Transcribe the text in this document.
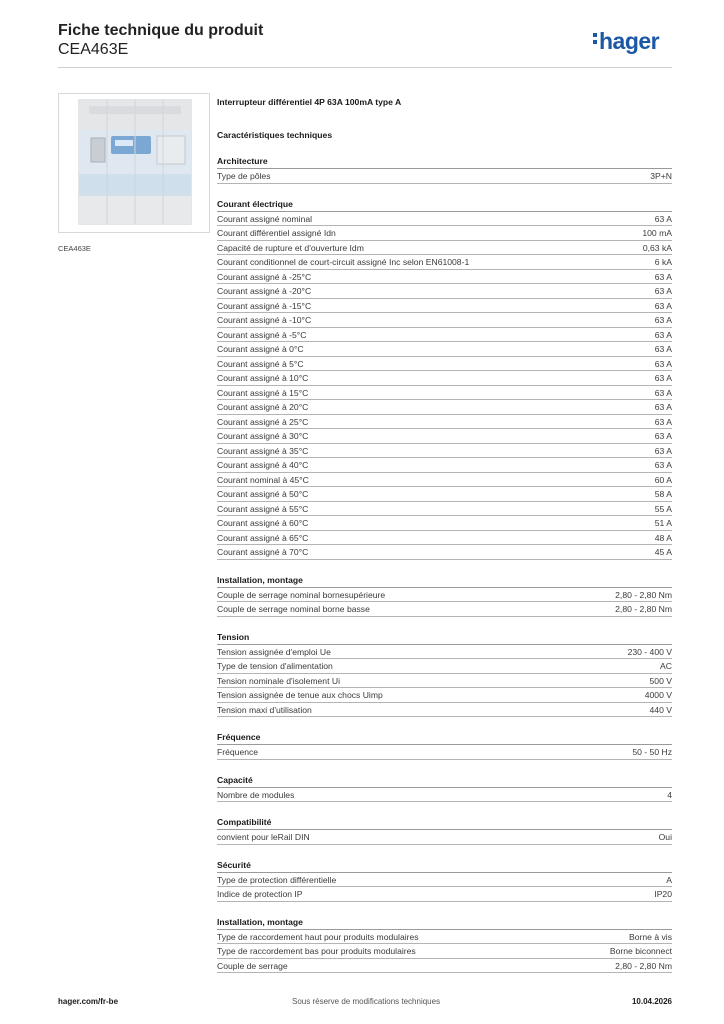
Fiche technique du produit
CEA463E	hager
CEA463E
Interrupteur différentiel 4P 63A 100mA type A
Caractéristiques techniques
Architecture
Type de pôles	3P+N
Courant électrique
Courant assigné nominal	63 A
Courant différentiel assigné Idn	100 mA
Capacité de rupture et d'ouverture Idm	0,63 kA
Courant conditionnel de court-circuit assigné Inc selon EN61008-1	6 kA
Courant assigné à -25°C	63 A
Courant assigné à -20°C	63 A
Courant assigné à -15°C	63 A
Courant assigné à -10°C	63 A
Courant assigné à -5°C	63 A
Courant assigné à 0°C	63 A
Courant assigné à 5°C	63 A
Courant assigné à 10°C	63 A
Courant assigné à 15°C	63 A
Courant assigné à 20°C	63 A
Courant assigné à 25°C	63 A
Courant assigné à 30°C	63 A
Courant assigné à 35°C	63 A
Courant assigné à 40°C	63 A
Courant nominal à 45°C	60 A
Courant assigné à 50°C	58 A
Courant assigné à 55°C	55 A
Courant assigné à 60°C	51 A
Courant assigné à 65°C	48 A
Courant assigné à 70°C	45 A
Installation, montage
Couple de serrage nominal bornesupérieure	2,80 - 2,80 Nm
Couple de serrage nominal borne basse	2,80 - 2,80 Nm
Tension
Tension assignée d'emploi Ue	230 - 400 V
Type de tension d'alimentation	AC
Tension nominale d'isolement Ui	500 V
Tension assignée de tenue aux chocs Uimp	4000 V
Tension maxi d'utilisation	440 V
Fréquence
Fréquence	50 - 50 Hz
Capacité
Nombre de modules	4
Compatibilité
convient pour leRail DIN	Oui
Sécurité
Type de protection différentielle	A
Indice de protection IP	IP20
Installation, montage
Type de raccordement haut pour produits modulaires	Borne à vis
Type de raccordement bas pour produits modulaires	Borne biconnect
Couple de serrage	2,80 - 2,80 Nm
hager.com/fr-be	Sous réserve de modifications techniques	10.04.2026
